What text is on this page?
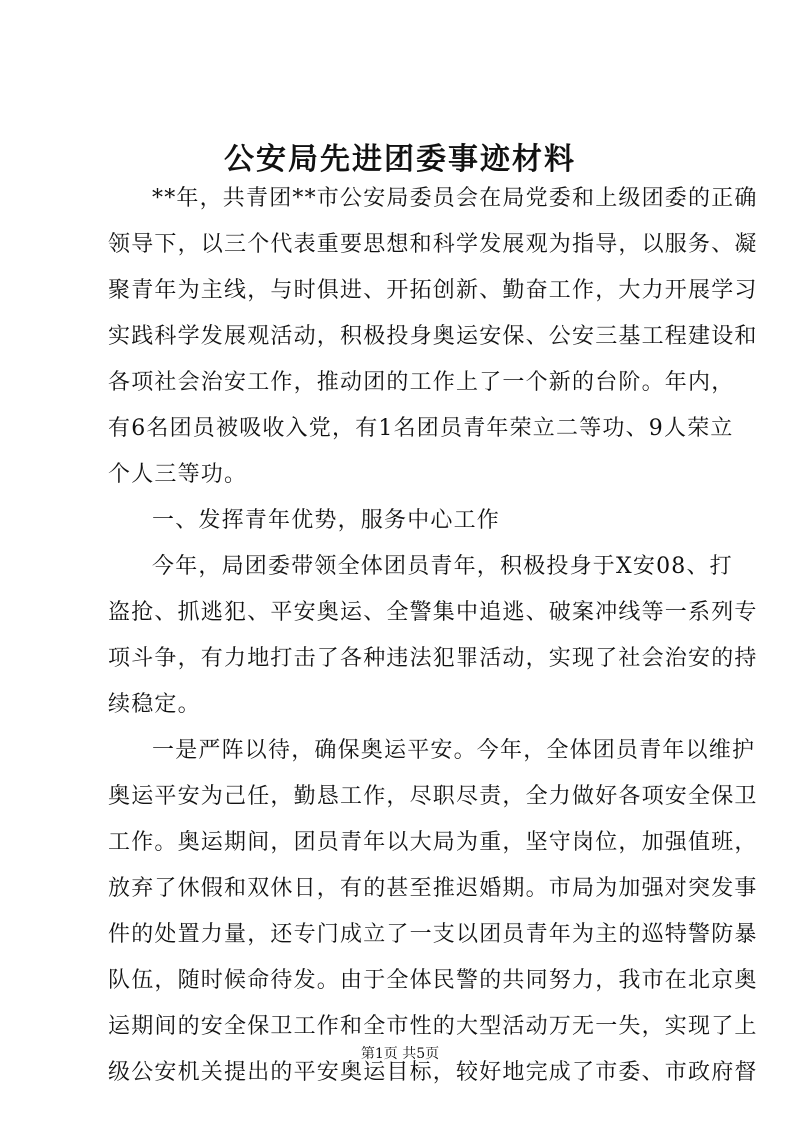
公安局先进团委事迹材料
**年，共青团**市公安局委员会在局党委和上级团委的正确
领导下，以三个代表重要思想和科学发展观为指导，以服务、凝
聚青年为主线，与时俱进、开拓创新、勤奋工作，大力开展学习
实践科学发展观活动，积极投身奥运安保、公安三基工程建设和
各项社会治安工作，推动团的工作上了一个新的台阶。年内，
有6名团员被吸收入党，有1名团员青年荣立二等功、9人荣立
个人三等功。
一、发挥青年优势，服务中心工作
今年，局团委带领全体团员青年，积极投身于X安08、打
盗抢、抓逃犯、平安奥运、全警集中追逃、破案冲线等一系列专
项斗争，有力地打击了各种违法犯罪活动，实现了社会治安的持
续稳定。
一是严阵以待，确保奥运平安。今年，全体团员青年以维护
奥运平安为己任，勤恳工作，尽职尽责，全力做好各项安全保卫
工作。奥运期间，团员青年以大局为重，坚守岗位，加强值班，
放弃了休假和双休日，有的甚至推迟婚期。市局为加强对突发事
件的处置力量，还专门成立了一支以团员青年为主的巡特警防暴
队伍，随时候命待发。由于全体民警的共同努力，我市在北京奥
运期间的安全保卫工作和全市性的大型活动万无一失，实现了上
级公安机关提出的平安奥运目标，较好地完成了市委、市政府督
第1页 共5页
